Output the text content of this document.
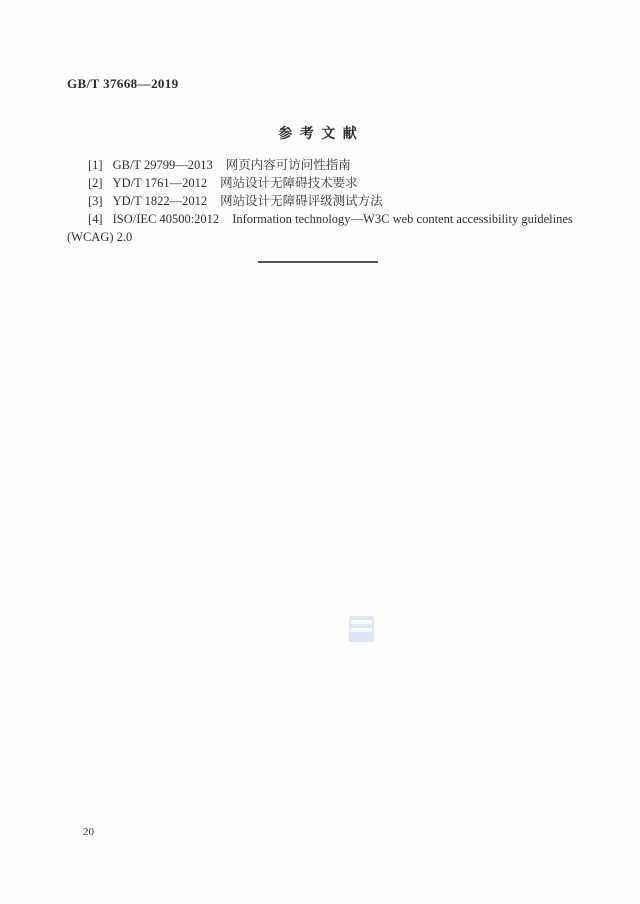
GB/T 37668—2019
参 考 文 献

[1] GB/T 29799—2013 网页内容可访问性指南

[2] YD/T 1761—2012 网站设计无障碍技术要求

[3] YD/T 1822—2012 网站设计无障碍评级测试方法

[4] ISO/IEC 40500:2012 Information technology—W3C web content accessibility guidelines

(WCAG) 2.0

20
